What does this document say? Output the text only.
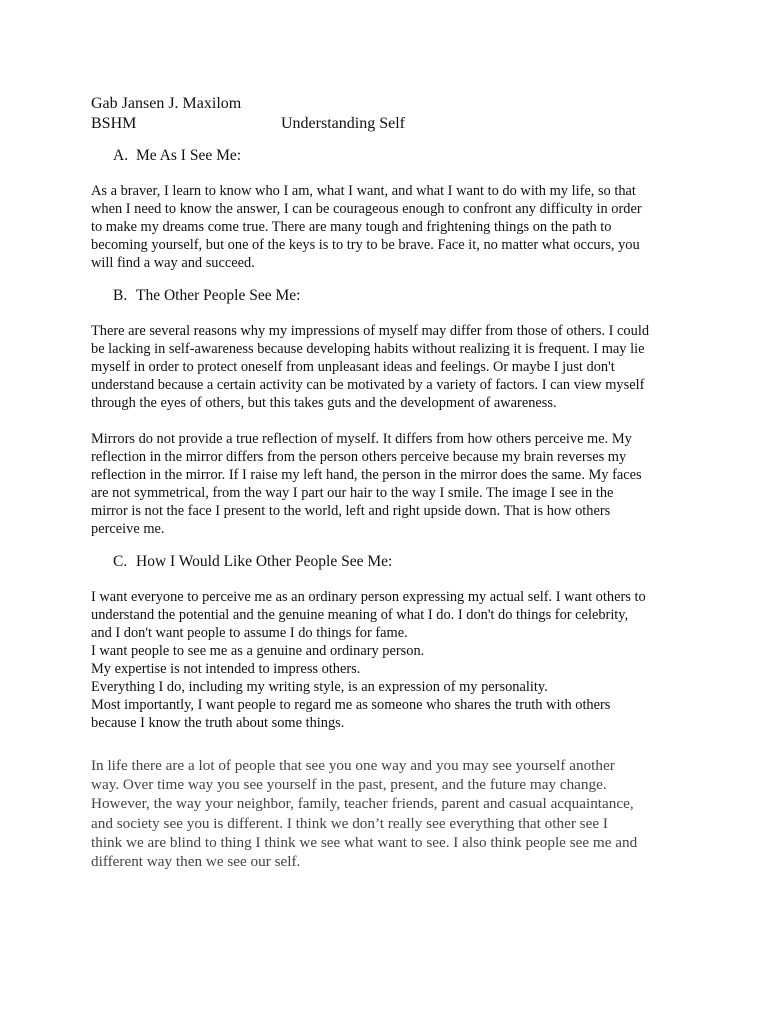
Gab Jansen J. Maxilom
BSHM	Understanding Self
A. Me As I See Me:

As a braver, I learn to know who I am, what I want, and what I want to do with my life, so that
when I need to know the answer, I can be courageous enough to confront any difficulty in order
to make my dreams come true. There are many tough and frightening things on the path to
becoming yourself, but one of the keys is to try to be brave. Face it, no matter what occurs, you
will find a way and succeed.

B. The Other People See Me:

There are several reasons why my impressions of myself may differ from those of others. I could
be lacking in self-awareness because developing habits without realizing it is frequent. I may lie
myself in order to protect oneself from unpleasant ideas and feelings. Or maybe I just don't
understand because a certain activity can be motivated by a variety of factors. I can view myself
through the eyes of others, but this takes guts and the development of awareness.

Mirrors do not provide a true reflection of myself. It differs from how others perceive me. My
reflection in the mirror differs from the person others perceive because my brain reverses my
reflection in the mirror. If I raise my left hand, the person in the mirror does the same. My faces
are not symmetrical, from the way I part our hair to the way I smile. The image I see in the
mirror is not the face I present to the world, left and right upside down. That is how others
perceive me.

C. How I Would Like Other People See Me:

I want everyone to perceive me as an ordinary person expressing my actual self. I want others to
understand the potential and the genuine meaning of what I do. I don't do things for celebrity,
and I don't want people to assume I do things for fame.
I want people to see me as a genuine and ordinary person.
My expertise is not intended to impress others.
Everything I do, including my writing style, is an expression of my personality.
Most importantly, I want people to regard me as someone who shares the truth with others
because I know the truth about some things.

In life there are a lot of people that see you one way and you may see yourself another
way. Over time way you see yourself in the past, present, and the future may change.
However, the way your neighbor, family, teacher friends, parent and casual acquaintance,
and society see you is different. I think we don’t really see everything that other see I
think we are blind to thing I think we see what want to see. I also think people see me and
different way then we see our self.
